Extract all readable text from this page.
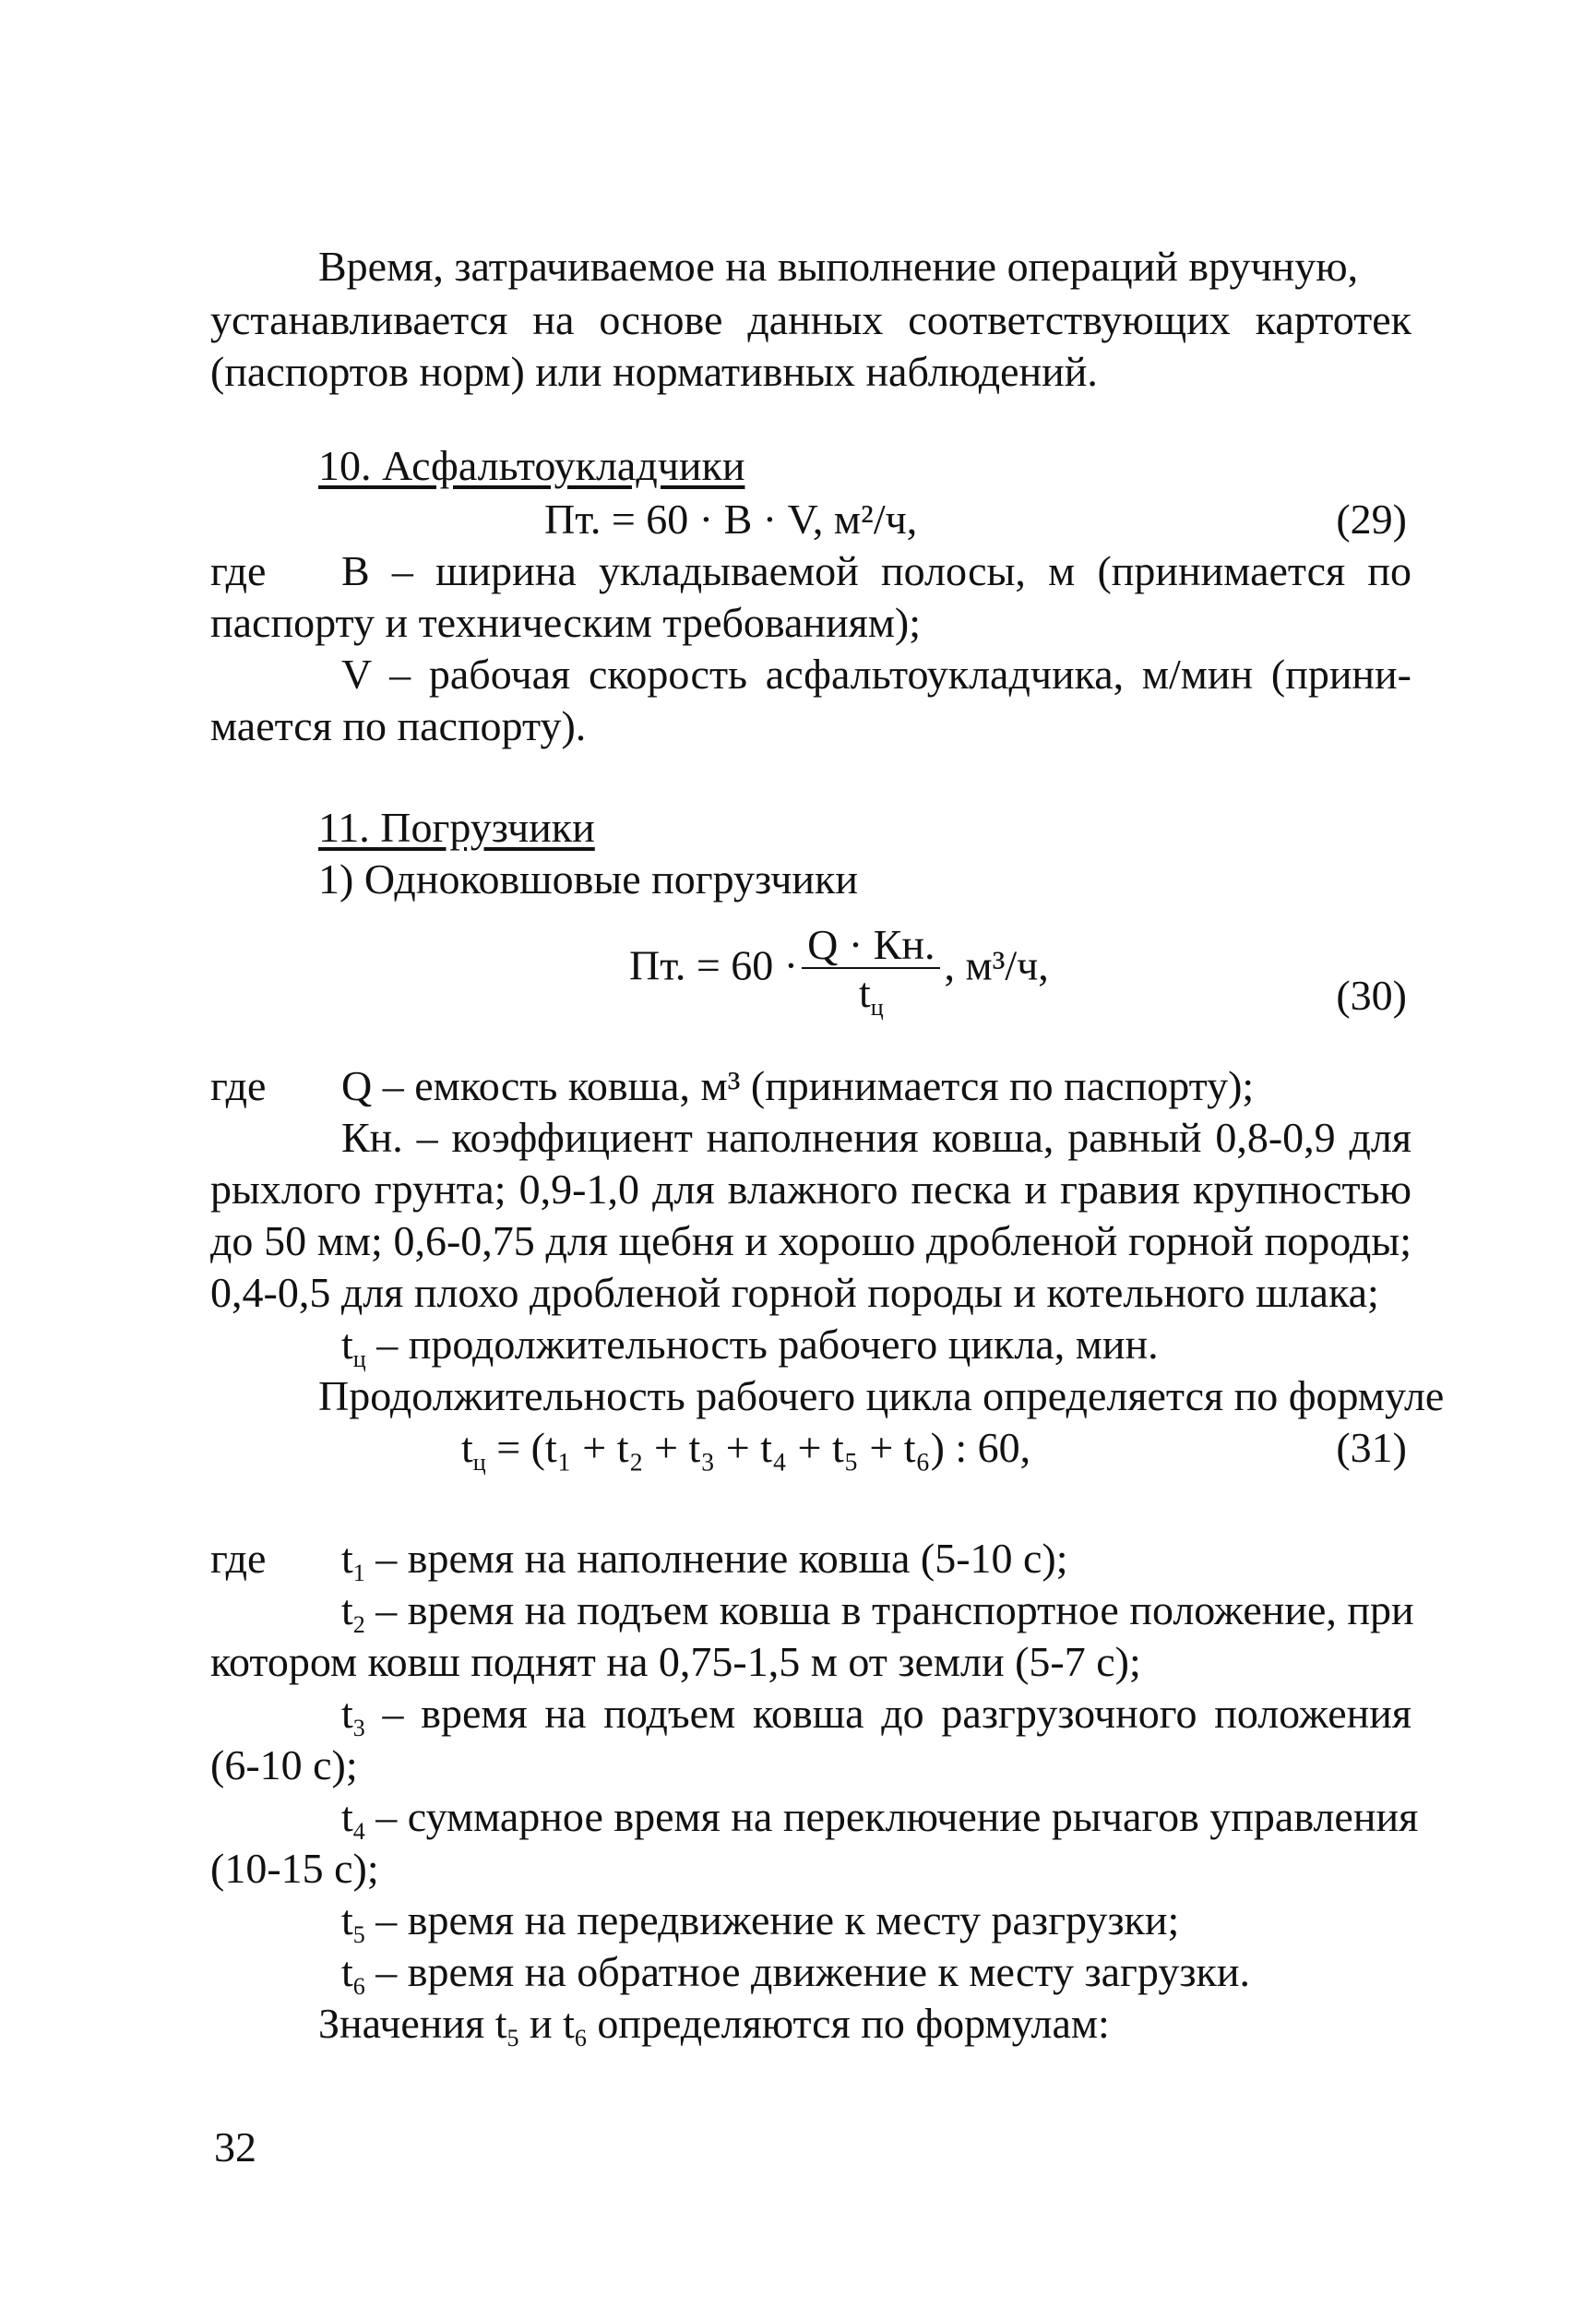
Время, затрачиваемое на выполнение операций вручную,
устанавливается на основе данных соответствующих картотек
(паспортов норм) или нормативных наблюдений.
10. Асфальтоукладчики
Пт. = 60 · В · V, м²/ч,	(29)
где В – ширина укладываемой полосы, м (принимается по
паспорту и техническим требованиям);
V – рабочая скорость асфальтоукладчика, м/мин (прини-
мается по паспорту).
11. Погрузчики
1) Одноковшовые погрузчики
Пт. = $60 \cdot \frac{Q \cdot Кн.}{t_ц}$ , м³/ч,
(30)
где Q – емкость ковша, м³ (принимается по паспорту);
Кн. – коэффициент наполнения ковша, равный 0,8-0,9 для
рыхлого грунта; 0,9-1,0 для влажного песка и гравия крупностью
до 50 мм; 0,6-0,75 для щебня и хорошо дробленой горной породы;
0,4-0,5 для плохо дробленой горной породы и котельного шлака;
$t_ц$ – продолжительность рабочего цикла, мин.
Продолжительность рабочего цикла определяется по формуле
$t_ц = (t_1 + t_2 + t_3 + t_4 + t_5 + t_6)$ : 60,	(31)
где $t_1$ – время на наполнение ковша (5-10 с);
$t_2$ – время на подъем ковша в транспортное положение, при
котором ковш поднят на 0,75-1,5 м от земли (5-7 с);
$t_3$ – время на подъем ковша до разгрузочного положения
(6-10 с);
$t_4$ – суммарное время на переключение рычагов управления
(10-15 с);
$t_5$ – время на передвижение к месту разгрузки;
$t_6$ – время на обратное движение к месту загрузки.
Значения $t_5$ и $t_6$ определяются по формулам:
32
